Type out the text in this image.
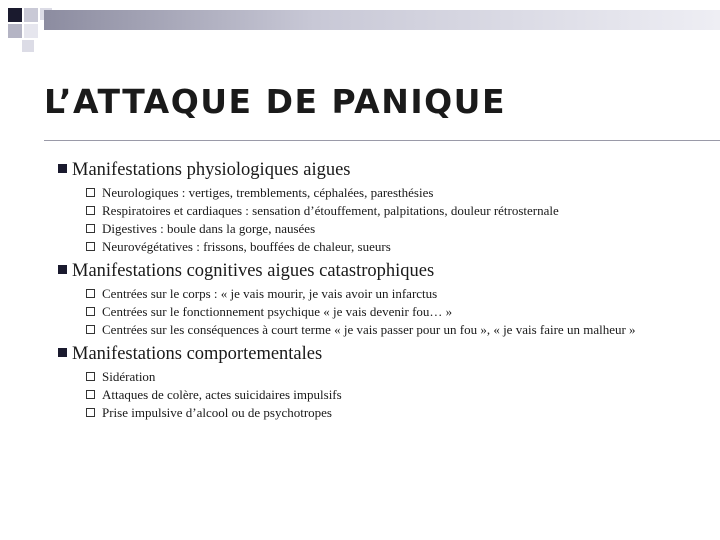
L’ATTAQUE DE PANIQUE
Manifestations physiologiques aigues
Neurologiques : vertiges, tremblements, céphalées, paresthésies
Respiratoires et cardiaques : sensation d’étouffement, palpitations, douleur rétrosternale
Digestives : boule dans la gorge, nausées
Neurovégétatives : frissons, bouffées de chaleur, sueurs
Manifestations cognitives aigues catastrophiques
Centrées sur le corps : « je vais mourir, je vais avoir un infarctus
Centrées sur le fonctionnement psychique « je vais devenir fou… »
Centrées sur les conséquences à court terme « je vais passer pour un fou », « je vais faire un malheur »
Manifestations comportementales
Sidération
Attaques de colère, actes suicidaires impulsifs
Prise impulsive d’alcool ou de psychotropes
